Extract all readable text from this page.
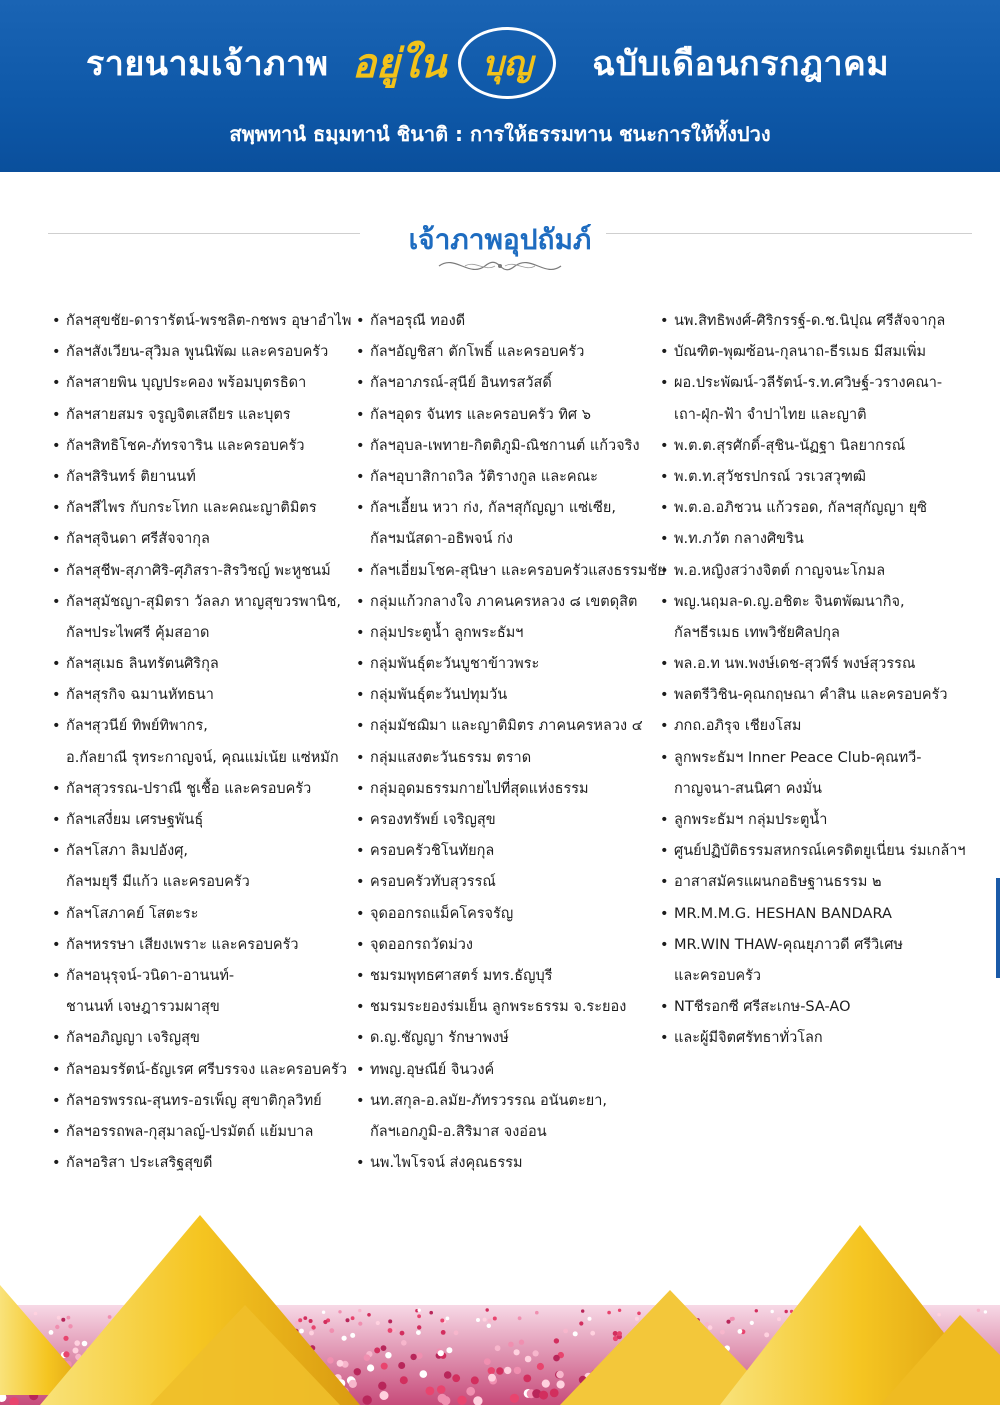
รายนามเจ้าภาพ อยู่ใน	บุญ	ฉบับเดือนกรกฎาคม
สพฺพทานํ ธมฺมทานํ ชินาติ : การให้ธรรมทาน ชนะการให้ทั้งปวง
เจ้าภาพอุปถัมภ์
• กัลฯสุขชัย-ดารารัตน์-พรชลิต-กชพร อุษาอำไพ
• กัลฯสังเวียน-สุวิมล พูนนิพัฒ และครอบครัว
• กัลฯสายพิน บุญประคอง พร้อมบุตรธิดา
• กัลฯสายสมร จรูญจิตเสถียร และบุตร
• กัลฯสิทธิโชค-ภัทรจาริน และครอบครัว
• กัลฯสิรินทร์ ติยานนท์
• กัลฯสีไพร กับกระโทก และคณะญาติมิตร
• กัลฯสุจินดา ศรีสัจจากุล
• กัลฯสุชีพ-สุภาศิริ-ศุภิสรา-สิรวิชญ์ พะหูชนม์
• กัลฯสุมัชญา-สุมิตรา วัลลภ หาญสุขวรพานิช,
กัลฯประไพศรี คุ้มสอาด
• กัลฯสุเมธ ลินทรัตนศิริกุล
• กัลฯสุรกิจ ฉมานหัทธนา
• กัลฯสุวนีย์ ทิพย์ทิพากร,
อ.กัลยาณี รุทระกาญจน์, คุณแม่เน้ย แซ่หมัก
• กัลฯสุวรรณ-ปราณี ชูเชื้อ และครอบครัว
• กัลฯเสงี่ยม เศรษฐพันธุ์
• กัลฯโสภา ลิมปอังศุ,
กัลฯมยุรี มีแก้ว และครอบครัว
• กัลฯโสภาคย์ โสตะระ
• กัลฯหรรษา เสียงเพราะ และครอบครัว
• กัลฯอนุรุจน์-วนิดา-อานนท์-
ชานนท์ เจษฎารวมผาสุข
• กัลฯอภิญญา เจริญสุข
• กัลฯอมรรัตน์-ธัญเรศ ศรีบรรจง และครอบครัว
• กัลฯอรพรรณ-สุนทร-อรเพ็ญ สุขาติกุลวิทย์
• กัลฯอรรถพล-กุสุมาลญ์-ปรมัตถ์ แย้มบาล
• กัลฯอริสา ประเสริฐสุขดี
• กัลฯอรุณี ทองดี
• กัลฯอัญชิสา ตักโพธิ์ และครอบครัว
• กัลฯอาภรณ์-สุนีย์ อินทรสวัสดิ์
• กัลฯอุดร จันทร และครอบครัว ทิศ ๖
• กัลฯอุบล-เพทาย-กิตติภูมิ-ณิชกานต์ แก้วจริง
• กัลฯอุบาสิกาถวิล วัติรางกูล และคณะ
• กัลฯเอี้ยน หวา ก่ง, กัลฯสุกัญญา แซ่เซีย,
กัลฯมนัสดา-อธิพจน์ ก่ง
• กัลฯเอี่ยมโชค-สุนิษา และครอบครัวแสงธรรมชัย
• กลุ่มแก้วกลางใจ ภาคนครหลวง ๘ เขตดุสิต
• กลุ่มประตูน้ำ ลูกพระธัมฯ
• กลุ่มพันธุ์ตะวันบูชาข้าวพระ
• กลุ่มพันธุ์ตะวันปทุมวัน
• กลุ่มมัชฌิมา และญาติมิตร ภาคนครหลวง ๔
• กลุ่มแสงตะวันธรรม ตราด
• กลุ่มอุดมธรรมกายไปที่สุดแห่งธรรม
• ครองทรัพย์ เจริญสุข
• ครอบครัวชิโนทัยกุล
• ครอบครัวทับสุวรรณ์
• จุดออกรถแม็คโครจรัญ
• จุดออกรถวัดม่วง
• ชมรมพุทธศาสตร์ มทร.ธัญบุรี
• ชมรมระยองร่มเย็น ลูกพระธรรม จ.ระยอง
• ด.ญ.ชัญญา รักษาพงษ์
• ทพญ.อุษณีย์ จินวงค์
• นท.สกุล-อ.ลมัย-ภัทรวรรณ อนันตะยา,
กัลฯเอกภูมิ-อ.สิริมาส จงอ่อน
• นพ.ไพโรจน์ ส่งคุณธรรม
• นพ.สิทธิพงศ์-ศิริกรรฐ์-ด.ช.นิปุณ ศรีสัจจากุล
• บัณฑิต-พุฒซ้อน-กุลนาถ-ธีรเมธ มีสมเพิ่ม
• ผอ.ประพัฒน์-วลีรัตน์-ร.ท.ศวิษฐ์-วรางคณา-
เถา-ฝุ่ก-ฟ้า จำปาไทย และญาติ
• พ.ต.ต.สุรศักดิ์-สุชิน-นัฏฐา นิลยากรณ์
• พ.ต.ท.สุวัชรปกรณ์ วรเวสวุฑฒิ
• พ.ต.อ.อภิชวน แก้วรอด, กัลฯสุกัญญา ยุซิ
• พ.ท.ภวัต กลางศิขริน
• พ.อ.หญิงสว่างจิตต์ กาญจนะโกมล
• พญ.นฤมล-ด.ญ.อชิตะ จินตพัฒนากิจ,
กัลฯธีรเมธ เทพวิชัยศิลปกุล
• พล.อ.ท นพ.พงษ์เดช-สุวพีร์ พงษ์สุวรรณ
• พลตรีวิชิน-คุณกฤษณา คำสิน และครอบครัว
• ภกถ.อภิรุจ เชียงโสม
• ลูกพระธัมฯ Inner Peace Club-คุณทวี-
กาญจนา-สนนิศา คงมั่น
• ลูกพระธัมฯ กลุ่มประตูน้ำ
• ศูนย์ปฏิบัติธรรมสหกรณ์เครดิตยูเนี่ยน ร่มเกล้าฯ
• อาสาสมัครแผนกอธิษฐานธรรม ๒
• MR.M.M.G. HESHAN BANDARA
• MR.WIN THAW-คุณยุภาวดี ศรีวิเศษ
และครอบครัว
• NTชีรอกซี ศรีสะเกษ-SA-AO
• และผู้มีจิตศรัทธาทั่วโลก
